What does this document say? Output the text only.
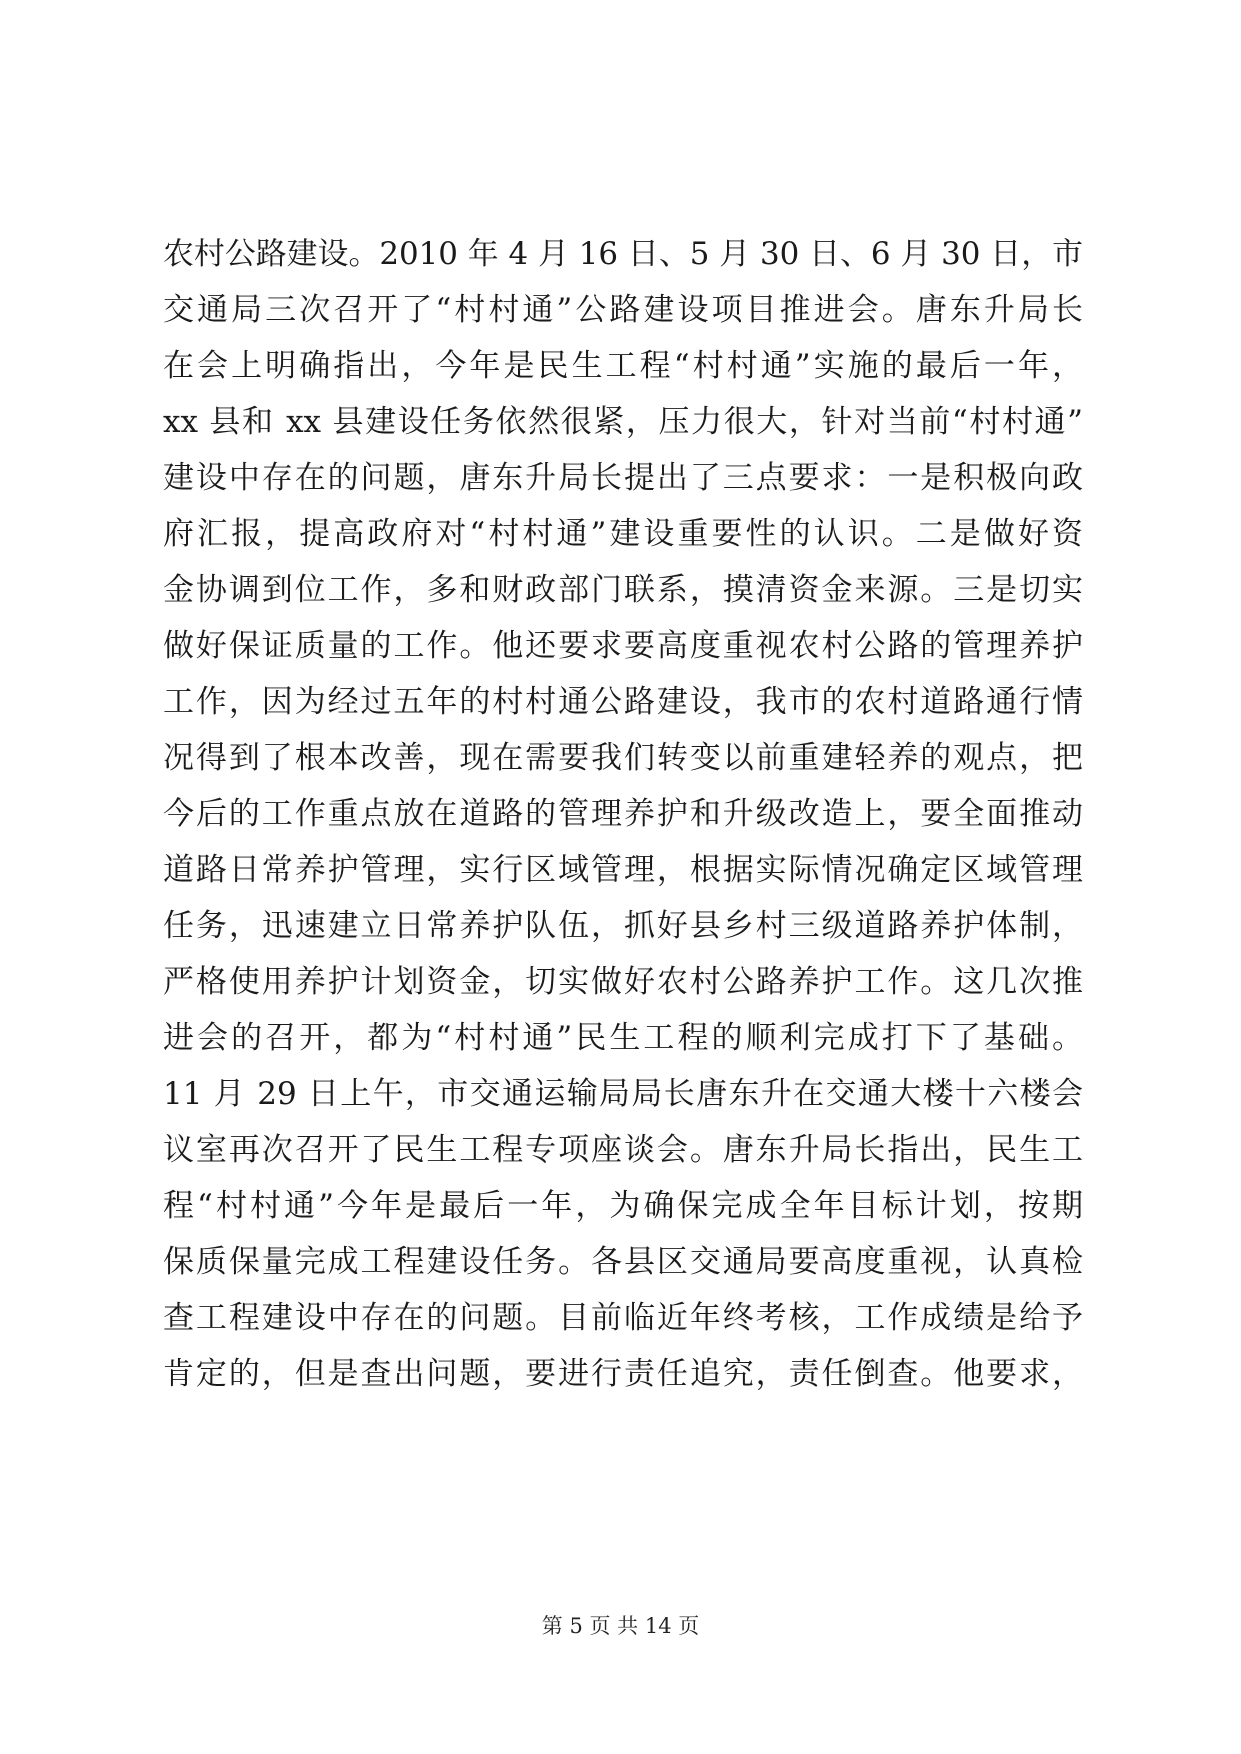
农村公路建设。2010 年 4 月 16 日、5 月 30 日、6 月 30 日，市
交通局三次召开了“村村通”公路建设项目推进会。唐东升局长
在会上明确指出，今年是民生工程“村村通”实施的最后一年，
xx 县和 xx 县建设任务依然很紧，压力很大，针对当前“村村通”
建设中存在的问题，唐东升局长提出了三点要求：一是积极向政
府汇报，提高政府对“村村通”建设重要性的认识。二是做好资
金协调到位工作，多和财政部门联系，摸清资金来源。三是切实
做好保证质量的工作。他还要求要高度重视农村公路的管理养护
工作，因为经过五年的村村通公路建设，我市的农村道路通行情
况得到了根本改善，现在需要我们转变以前重建轻养的观点，把
今后的工作重点放在道路的管理养护和升级改造上，要全面推动
道路日常养护管理，实行区域管理，根据实际情况确定区域管理
任务，迅速建立日常养护队伍，抓好县乡村三级道路养护体制，
严格使用养护计划资金，切实做好农村公路养护工作。这几次推
进会的召开，都为“村村通”民生工程的顺利完成打下了基础。
11 月 29 日上午，市交通运输局局长唐东升在交通大楼十六楼会
议室再次召开了民生工程专项座谈会。唐东升局长指出，民生工
程“村村通”今年是最后一年，为确保完成全年目标计划，按期
保质保量完成工程建设任务。各县区交通局要高度重视，认真检
查工程建设中存在的问题。目前临近年终考核，工作成绩是给予
肯定的，但是查出问题，要进行责任追究，责任倒查。他要求，
第 5 页 共 14 页
